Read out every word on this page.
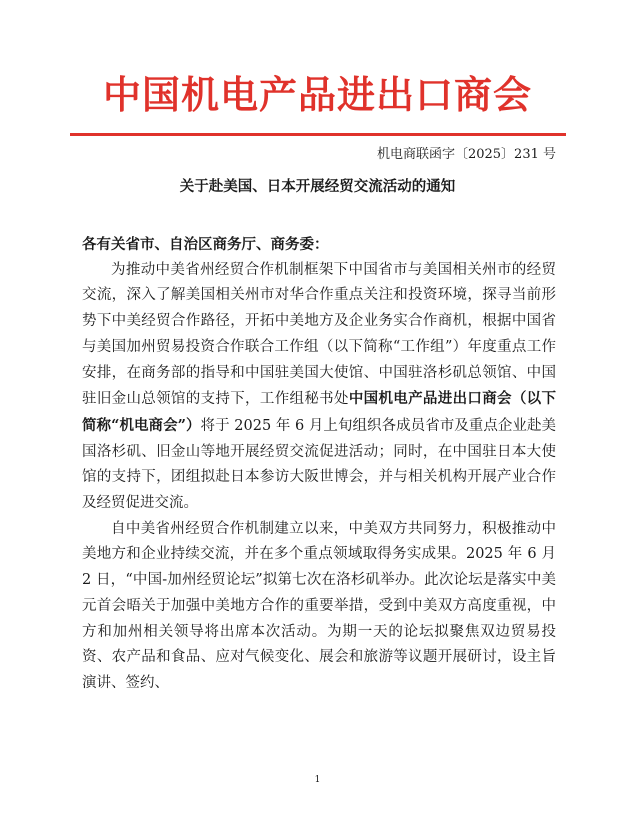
中国机电产品进出口商会
机电商联函字〔2025〕231 号
关于赴美国、日本开展经贸交流活动的通知

各有关省市、自治区商务厅、商务委：

为推动中美省州经贸合作机制框架下中国省市与美国相关州市的经贸交流，深入了解美国相关州市对华合作重点关注和投资环境，探寻当前形势下中美经贸合作路径，开拓中美地方及企业务实合作商机，根据中国省与美国加州贸易投资合作联合工作组（以下简称“工作组”）年度重点工作安排，在商务部的指导和中国驻美国大使馆、中国驻洛杉矶总领馆、中国驻旧金山总领馆的支持下，工作组秘书处中国机电产品进出口商会（以下简称“机电商会”）将于 2025 年 6 月上旬组织各成员省市及重点企业赴美国洛杉矶、旧金山等地开展经贸交流促进活动；同时，在中国驻日本大使馆的支持下，团组拟赴日本参访大阪世博会，并与相关机构开展产业合作及经贸促进交流。

自中美省州经贸合作机制建立以来，中美双方共同努力，积极推动中美地方和企业持续交流，并在多个重点领域取得务实成果。2025 年 6 月 2 日，“中国-加州经贸论坛”拟第七次在洛杉矶举办。此次论坛是落实中美元首会晤关于加强中美地方合作的重要举措，受到中美双方高度重视，中方和加州相关领导将出席本次活动。为期一天的论坛拟聚焦双边贸易投资、农产品和食品、应对气候变化、展会和旅游等议题开展研讨，设主旨演讲、签约、

1
